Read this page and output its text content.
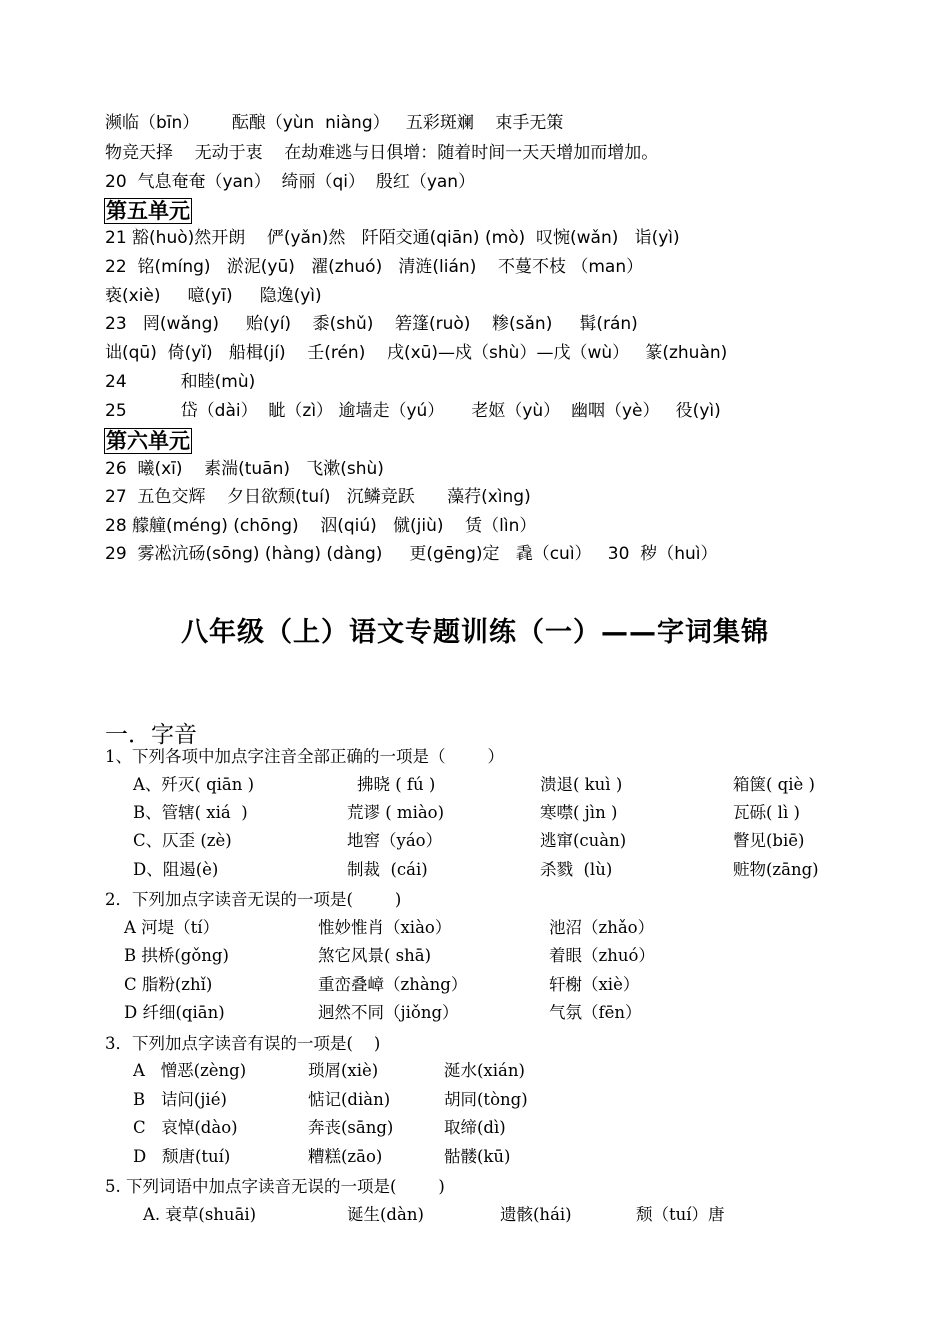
濒临（bīn）      酝酿（yùn  niàng）   五彩斑斓    束手无策
物竞天择    无动于衷    在劫难逃与日俱增：随着时间一天天增加而增加。
20  气息奄奄（yan）  绮丽（qi）  殷红（yan）
第五单元
21 豁(huò)然开朗    俨(yǎn)然   阡陌交通(qiān) (mò)  叹惋(wǎn)   诣(yì)
22  铭(míng)   淤泥(yū)   濯(zhuó)   清涟(lián)    不蔓不枝 （man）
亵(xiè)     噫(yī)     隐逸(yì)
23   罔(wǎng)     贻(yí)    黍(shǔ)    箬篷(ruò)    糁(sǎn)     髯(rán)
诎(qū)  倚(yǐ)   船楫(jí)    壬(rén)    戌(xū)—戍（shù）—戊（wù）   篆(zhuàn)
24          和睦(mù)
25          岱（dài）  眦（zì） 逾墙走（yú）     老妪（yù）  幽咽（yè）   役(yì)
第六单元
26  曦(xī)    素湍(tuān)   飞漱(shù)
27  五色交辉    夕日欲颓(tuí)   沉鳞竞跃      藻荇(xìng)
28 艨艟(méng) (chōng)    泅(qiú)   僦(jiù)    赁（lìn）
29  雾凇沆砀(sōng) (hàng) (dàng)     更(gēng)定   毳（cuì）   30  秽（huì）
八年级（上）语文专题训练（一）——字词集锦
一．字音
1、下列各项中加点字注音全部正确的一项是（        ）
A、歼灭( qiān )	拂晓 ( fú )	溃退( kuì )	箱箧( qiè )
B、管辖( xiá  )	荒谬 ( miào)	寒噤( jìn )	瓦砾( lì )
C、仄歪 (zè)	地窖（yáo）	逃窜(cuàn)	瞥见(biē)
D、阻遏(è)	制裁  (cái)	杀戮  (lù)	赃物(zāng)
2．下列加点字读音无误的一项是(        )
A 河堤（tí）	惟妙惟肖（xiào）	池沼（zhǎo）
B 拱桥(gǒng)	煞它风景( shā)	着眼（zhuó）
C 脂粉(zhǐ)	重峦叠嶂（zhàng）	轩榭（xiè）
D 纤细(qiān)	迥然不同（jiǒng）	气氛（fēn）
3．下列加点字读音有误的一项是(    )
A   憎恶(zèng)	琐屑(xiè)	涎水(xián)
B   诘问(jié)	惦记(diàn)	胡同(tòng)
C   哀悼(dào)	奔丧(sāng)	取缔(dì)
D   颓唐(tuí)	糟糕(zāo)	骷髅(kū)
5. 下列词语中加点字读音无误的一项是(        )
A. 衰草(shuāi)	诞生(dàn)	遗骸(hái)	颓（tuí）唐
